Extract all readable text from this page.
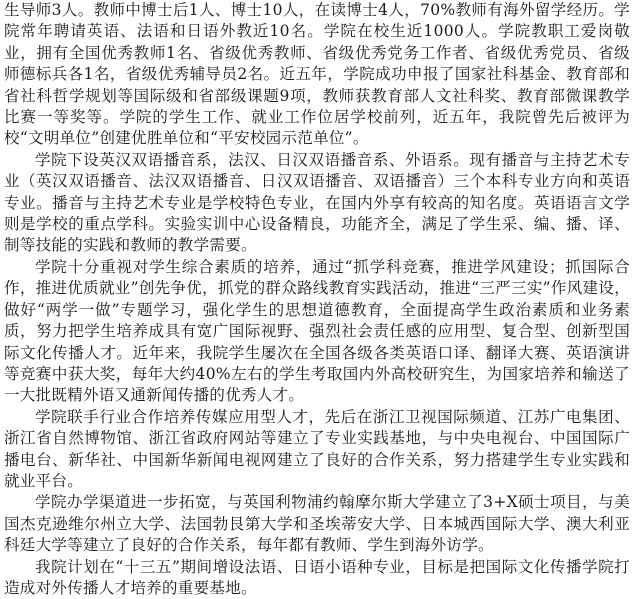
生导师3人。教师中博士后1人、博士10人，在读博士4人，70%教师有海外留学经历。学院常年聘请英语、法语和日语外教近10名。学院在校生近1000人。学院教职工爱岗敬业，拥有全国优秀教师1名、省级优秀教师、省级优秀党务工作者、省级优秀党员、省级师德标兵各1名，省级优秀辅导员2名。近五年，学院成功申报了国家社科基金、教育部和省社科哲学规划等国际级和省部级课题9项，教师获教育部人文社科奖、教育部微课教学比赛一等奖等。学院的学生工作、就业工作位居学校前列，近五年，我院曾先后被评为校“文明单位”创建优胜单位和“平安校园示范单位”。

学院下设英汉双语播音系，法汉、日汉双语播音系、外语系。现有播音与主持艺术专业（英汉双语播音、法汉双语播音、日汉双语播音、双语播音）三个本科专业方向和英语专业。播音与主持艺术专业是学校特色专业，在国内外享有较高的知名度。英语语言文学则是学校的重点学科。实验实训中心设备精良，功能齐全，满足了学生采、编、播、译、制等技能的实践和教师的教学需要。

学院十分重视对学生综合素质的培养，通过“抓学科竞赛，推进学风建设；抓国际合作，推进优质就业”创先争优，抓党的群众路线教育实践活动，推进“三严三实”作风建设，做好“两学一做”专题学习，强化学生的思想道德教育，全面提高学生政治素质和业务素质，努力把学生培养成具有宽广国际视野、强烈社会责任感的应用型、复合型、创新型国际文化传播人才。近年来，我院学生屡次在全国各级各类英语口译、翻译大赛、英语演讲等竞赛中获大奖，每年大约40%左右的学生考取国内外高校研究生，为国家培养和输送了一大批既精外语又通新闻传播的优秀人才。

学院联手行业合作培养传媒应用型人才，先后在浙江卫视国际频道、江苏广电集团、浙江省自然博物馆、浙江省政府网站等建立了专业实践基地，与中央电视台、中国国际广播电台、新华社、中国新华新闻电视网建立了良好的合作关系，努力搭建学生专业实践和就业平台。

学院办学渠道进一步拓宽，与英国利物浦约翰摩尔斯大学建立了3+X硕士项目，与美国杰克逊维尔州立大学、法国勃艮第大学和圣埃蒂安大学、日本城西国际大学、澳大利亚科廷大学等建立了良好的合作关系，每年都有教师、学生到海外访学。

我院计划在“十三五”期间增设法语、日语小语种专业，目标是把国际文化传播学院打造成对外传播人才培养的重要基地。
